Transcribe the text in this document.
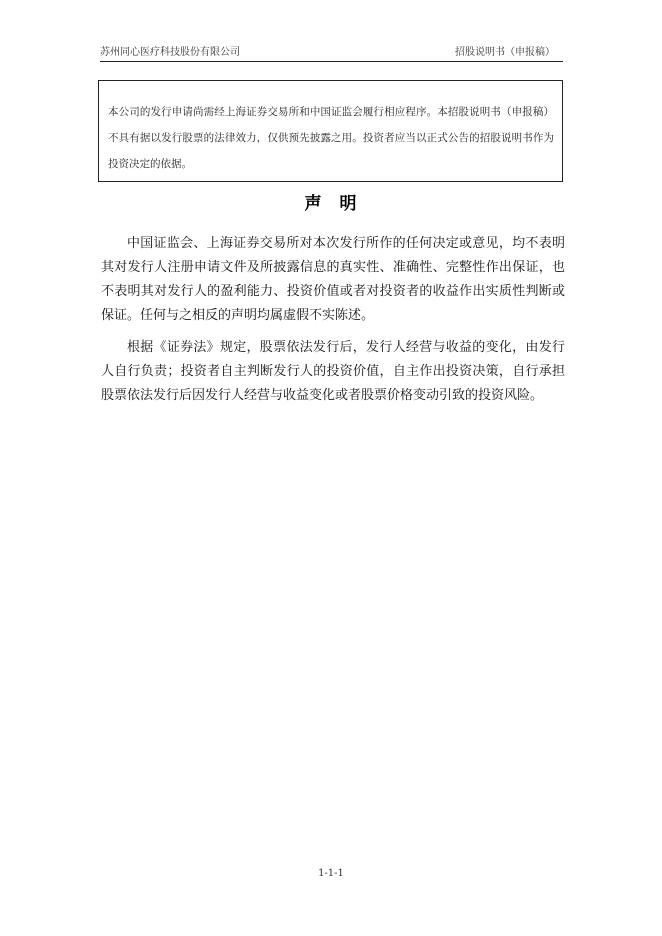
苏州同心医疗科技股份有限公司	招股说明书（申报稿）
本公司的发行申请尚需经上海证券交易所和中国证监会履行相应程序。本招股说明书（申报稿）不具有据以发行股票的法律效力，仅供预先披露之用。投资者应当以正式公告的招股说明书作为投资决定的依据。
声明

中国证监会、上海证券交易所对本次发行所作的任何决定或意见，均不表明其对发行人注册申请文件及所披露信息的真实性、准确性、完整性作出保证，也不表明其对发行人的盈利能力、投资价值或者对投资者的收益作出实质性判断或保证。任何与之相反的声明均属虚假不实陈述。

根据《证券法》规定，股票依法发行后，发行人经营与收益的变化，由发行人自行负责；投资者自主判断发行人的投资价值，自主作出投资决策，自行承担股票依法发行后因发行人经营与收益变化或者股票价格变动引致的投资风险。

1-1-1
